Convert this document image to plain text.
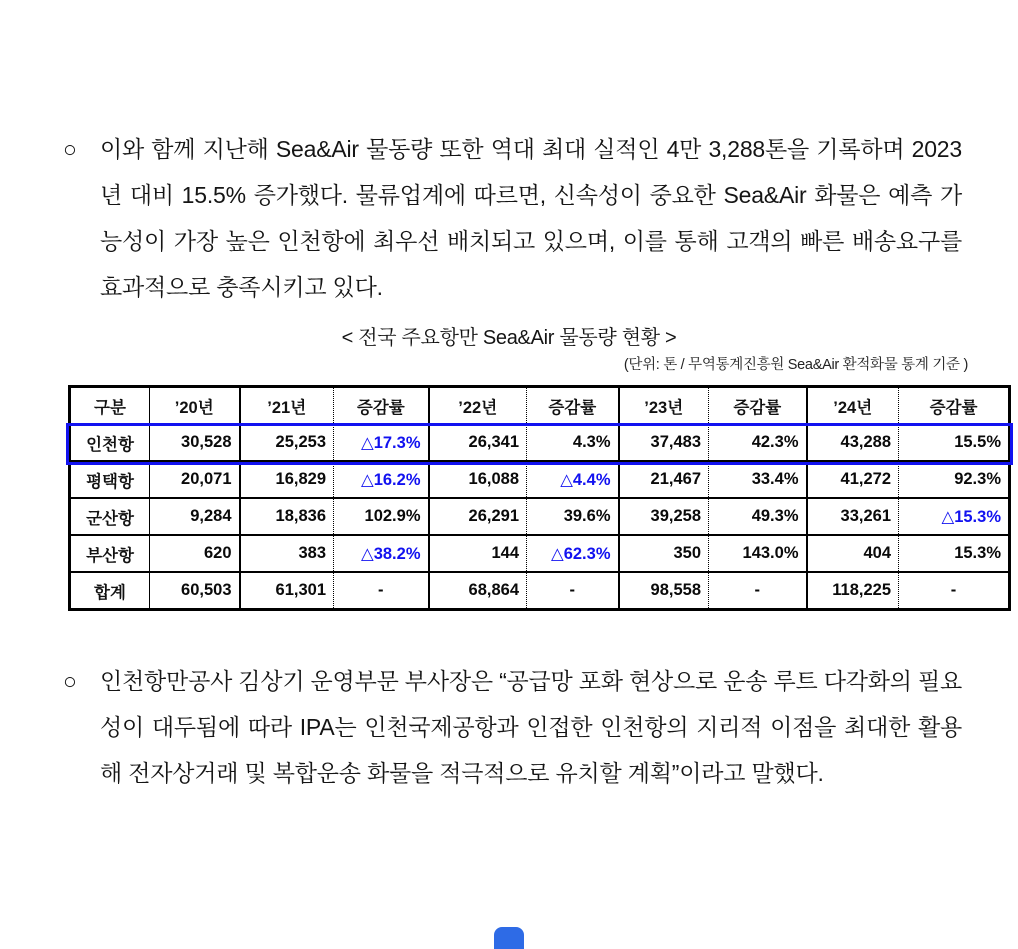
○ 이와 함께 지난해 Sea&Air 물동량 또한 역대 최대 실적인 4만 3,288톤을 기록하며 2023년 대비 15.5% 증가했다. 물류업계에 따르면, 신속성이 중요한 Sea&Air 화물은 예측 가능성이 가장 높은 인천항에 최우선 배치되고 있으며, 이를 통해 고객의 빠른 배송요구를 효과적으로 충족시키고 있다.
< 전국 주요항만 Sea&Air 물동량 현황 >
(단위: 톤 / 무역통계진흥원 Sea&Air 환적화물 통계 기준 )
구분	’20년	’21년	증감률	’22년	증감률	’23년	증감률	’24년	증감률
인천항	30,528	25,253	△17.3%	26,341	4.3%	37,483	42.3%	43,288	15.5%
평택항	20,071	16,829	△16.2%	16,088	△4.4%	21,467	33.4%	41,272	92.3%
군산항	9,284	18,836	102.9%	26,291	39.6%	39,258	49.3%	33,261	△15.3%
부산항	620	383	△38.2%	144	△62.3%	350	143.0%	404	15.3%
합계	60,503	61,301	-	68,864	-	98,558	-	118,225	-
○ 인천항만공사 김상기 운영부문 부사장은 “공급망 포화 현상으로 운송 루트 다각화의 필요성이 대두됨에 따라 IPA는 인천국제공항과 인접한 인천항의 지리적 이점을 최대한 활용해 전자상거래 및 복합운송 화물을 적극적으로 유치할 계획”이라고 말했다.
